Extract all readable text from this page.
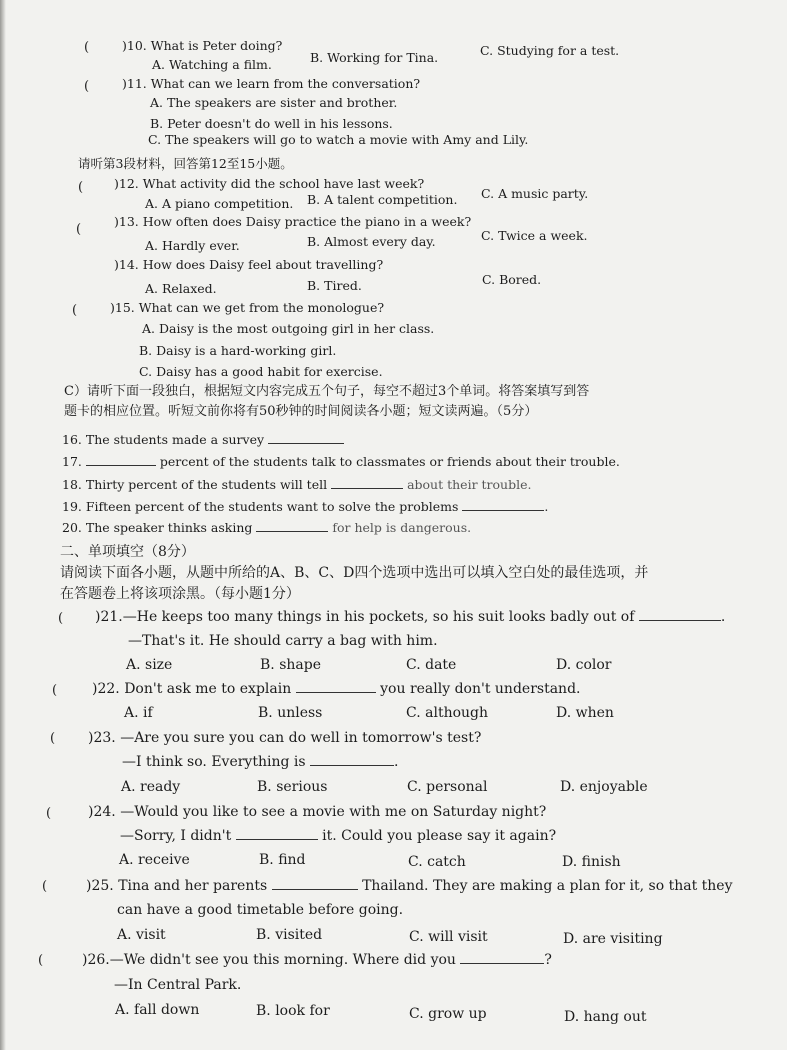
(	)10. What is Peter doing?
A. Watching a film.	B. Working for Tina.	C. Studying for a test.
(	)11. What can we learn from the conversation?
A. The speakers are sister and brother.
B. Peter doesn't do well in his lessons.
C. The speakers will go to watch a movie with Amy and Lily.
请听第3段材料，回答第12至15小题。
( )12. What activity did the school have last week?
A. A piano competition. B. A talent competition. C. A music party.
(
)13. How often does Daisy practice the piano in a week?
A. Hardly ever.	B. Almost every day.	C. Twice a week.
)14. How does Daisy feel about travelling?
A. Relaxed.	B. Tired.	C. Bored.
(	)15. What can we get from the monologue?
A. Daisy is the most outgoing girl in her class.
B. Daisy is a hard-working girl.
C. Daisy has a good habit for exercise.
C）请听下面一段独白，根据短文内容完成五个句子，每空不超过3个单词。将答案填写到答
题卡的相应位置。听短文前你将有50秒钟的时间阅读各小题；短文读两遍。（5分）
16. The students made a survey
17.	percent of the students talk to classmates or friends about their trouble.
18. Thirty percent of the students will tell	about their trouble.
19. Fifteen percent of the students want to solve the problems	.
20. The speaker thinks asking	for help is dangerous.
二、单项填空（8分）
请阅读下面各小题，从题中所给的A、B、C、D四个选项中选出可以填入空白处的最佳选项，并
在答题卷上将该项涂黑。（每小题1分）
( )21.—He keeps too many things in his pockets, so his suit looks badly out of	.
—That's it. He should carry a bag with him.
A. size	B. shape	C. date	D. color
( )22. Don't ask me to explain	you really don't understand.
A. if	B. unless	C. although	D. when
( )23. —Are you sure you can do well in tomorrow's test?
—I think so. Everything is	.
A. ready	B. serious	C. personal	D. enjoyable
(	)24. —Would you like to see a movie with me on Saturday night?
—Sorry, I didn't	it. Could you please say it again?
A. receive	B. find	C. catch	D. finish
(	)25. Tina and her parents	Thailand. They are making a plan for it, so that they
can have a good timetable before going.
A. visit	B. visited	C. will visit	D. are visiting
(	)26.—We didn't see you this morning. Where did you	?
—In Central Park.
A. fall down	B. look for	C. grow up	D. hang out
